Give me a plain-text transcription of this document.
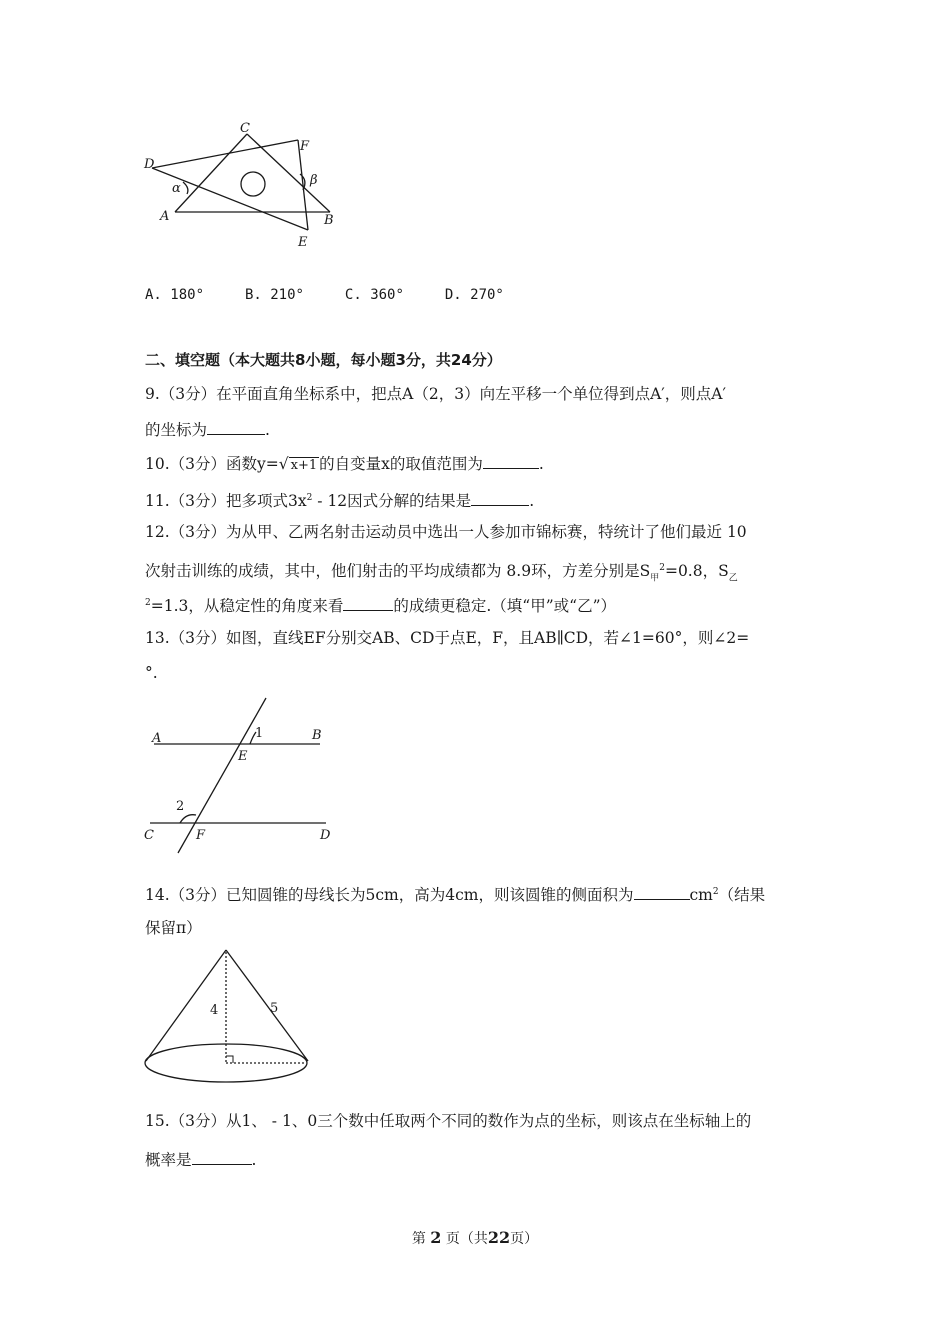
C
D
F
A	B
E
α
β
A. 180°	B. 210°	C. 360°	D. 270°
二、填空题（本大题共8小题，每小题3分，共24分）
9.（3分）在平面直角坐标系中，把点A（2，3）向左平移一个单位得到点A′，则点A′
的坐标为	.
10.（3分）函数y=√ x+1 的自变量x的取值范围为	.
11.（3分）把多项式$3x^2 - 12$因式分解的结果是	.
12.（3分）为从甲、乙两名射击运动员中选出一人参加市锦标赛，特统计了他们最近 10
次射击训练的成绩，其中，他们射击的平均成绩都为 8.9环，方差分别是$S_甲^2=0.8$，$S_乙$
$^2$=1.3，从稳定性的角度来看	的成绩更稳定.（填“甲”或“乙”）
13.（3分）如图，直线EF分别交AB、CD于点E，F，且AB∥CD，若∠1=60°，则∠2=
°.
A	B
1
E
2
C	F	D
14.（3分）已知圆锥的母线长为5cm，高为4cm，则该圆锥的侧面积为	$cm^2$（结果
保留π）
4	5
15.（3分）从1、 - 1、0三个数中任取两个不同的数作为点的坐标，则该点在坐标轴上的
概率是	.
第 2 页（共22页）
